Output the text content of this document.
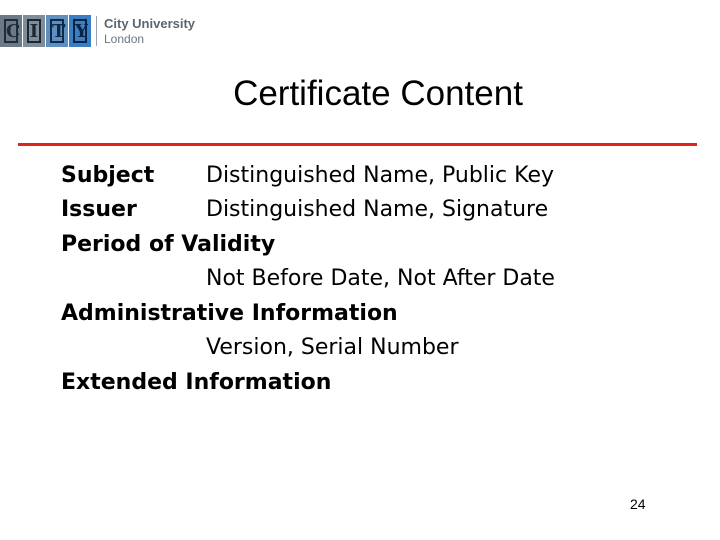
C I T Y City University
London
Certificate Content
Subject	Distinguished Name, Public Key
Issuer	Distinguished Name, Signature
Period of Validity
Not Before Date, Not After Date
Administrative Information
Version, Serial Number
Extended Information
24
